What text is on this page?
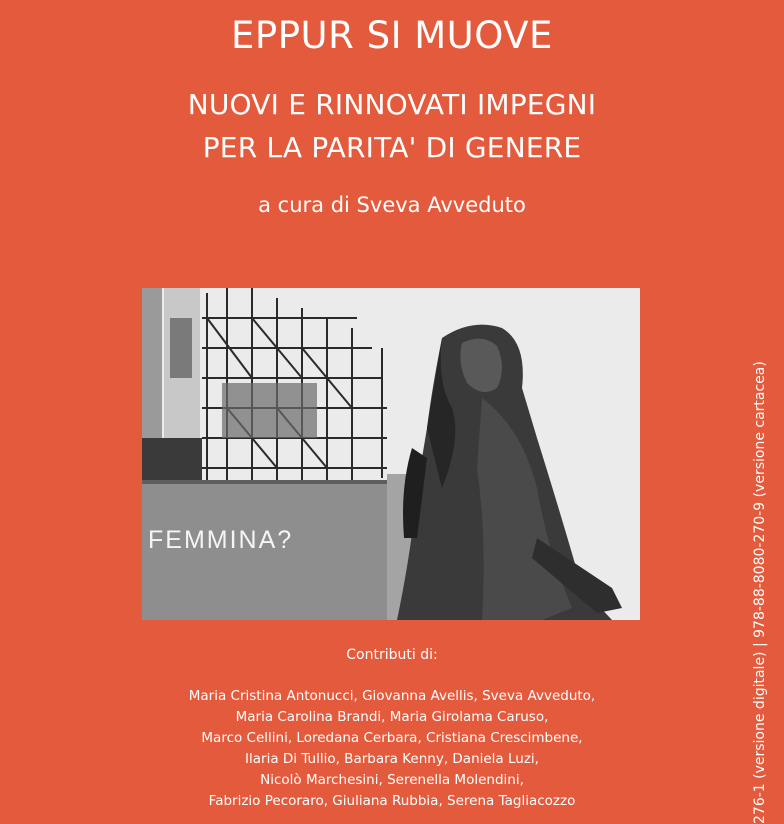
EPPUR SI MUOVE
NUOVI E RINNOVATI IMPEGNI
PER LA PARITA' DI GENERE
a cura di Sveva Avveduto
FEMMINA?
Contributi di:
Maria Cristina Antonucci, Giovanna Avellis, Sveva Avveduto,
Maria Carolina Brandi, Maria Girolama Caruso,
Marco Cellini, Loredana Cerbara, Cristiana Crescimbene,
Ilaria Di Tullio, Barbara Kenny, Daniela Luzi,
Nicolò Marchesini, Serenella Molendini,
Fabrizio Pecoraro, Giuliana Rubbia, Serena Tagliacozzo	276-1 (versione digitale) | 978-88-8080-270-9 (versione cartacea)
